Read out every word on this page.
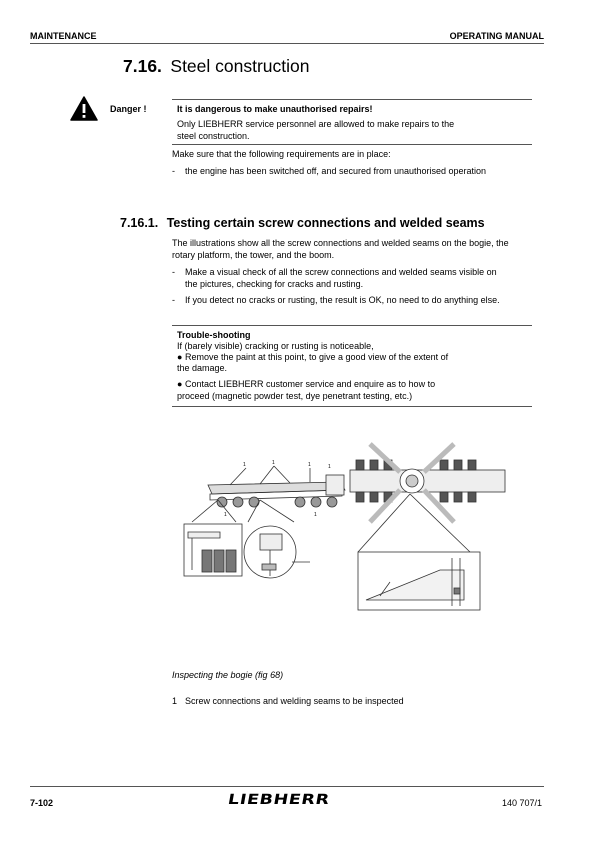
MAINTENANCE	OPERATING MANUAL
7.16. Steel construction
Danger !	It is dangerous to make unauthorised repairs!
Only LIEBHERR service personnel are allowed to make repairs to the
steel construction.
Make sure that the following requirements are in place:
- the engine has been switched off, and secured from unauthorised operation
7.16.1. Testing certain screw connections and welded seams
The illustrations show all the screw connections and welded seams on the bogie, the
rotary platform, the tower, and the boom.
- Make a visual check of all the screw connections and welded seams visible on
the pictures, checking for cracks and rusting.
- If you detect no cracks or rusting, the result is OK, no need to do anything else.
Trouble-shooting
If (barely visible) cracking or rusting is noticeable,
● Remove the paint at this point, to give a good view of the extent of
the damage.
● Contact LIEBHERR customer service and enquire as to how to
proceed (magnetic powder test, dye penetrant testing, etc.)
1	1	1	1
1	1
Inspecting the bogie (fig 68)
1 Screw connections and welding seams to be inspected
7-102	LIEBHERR	140 707/1
